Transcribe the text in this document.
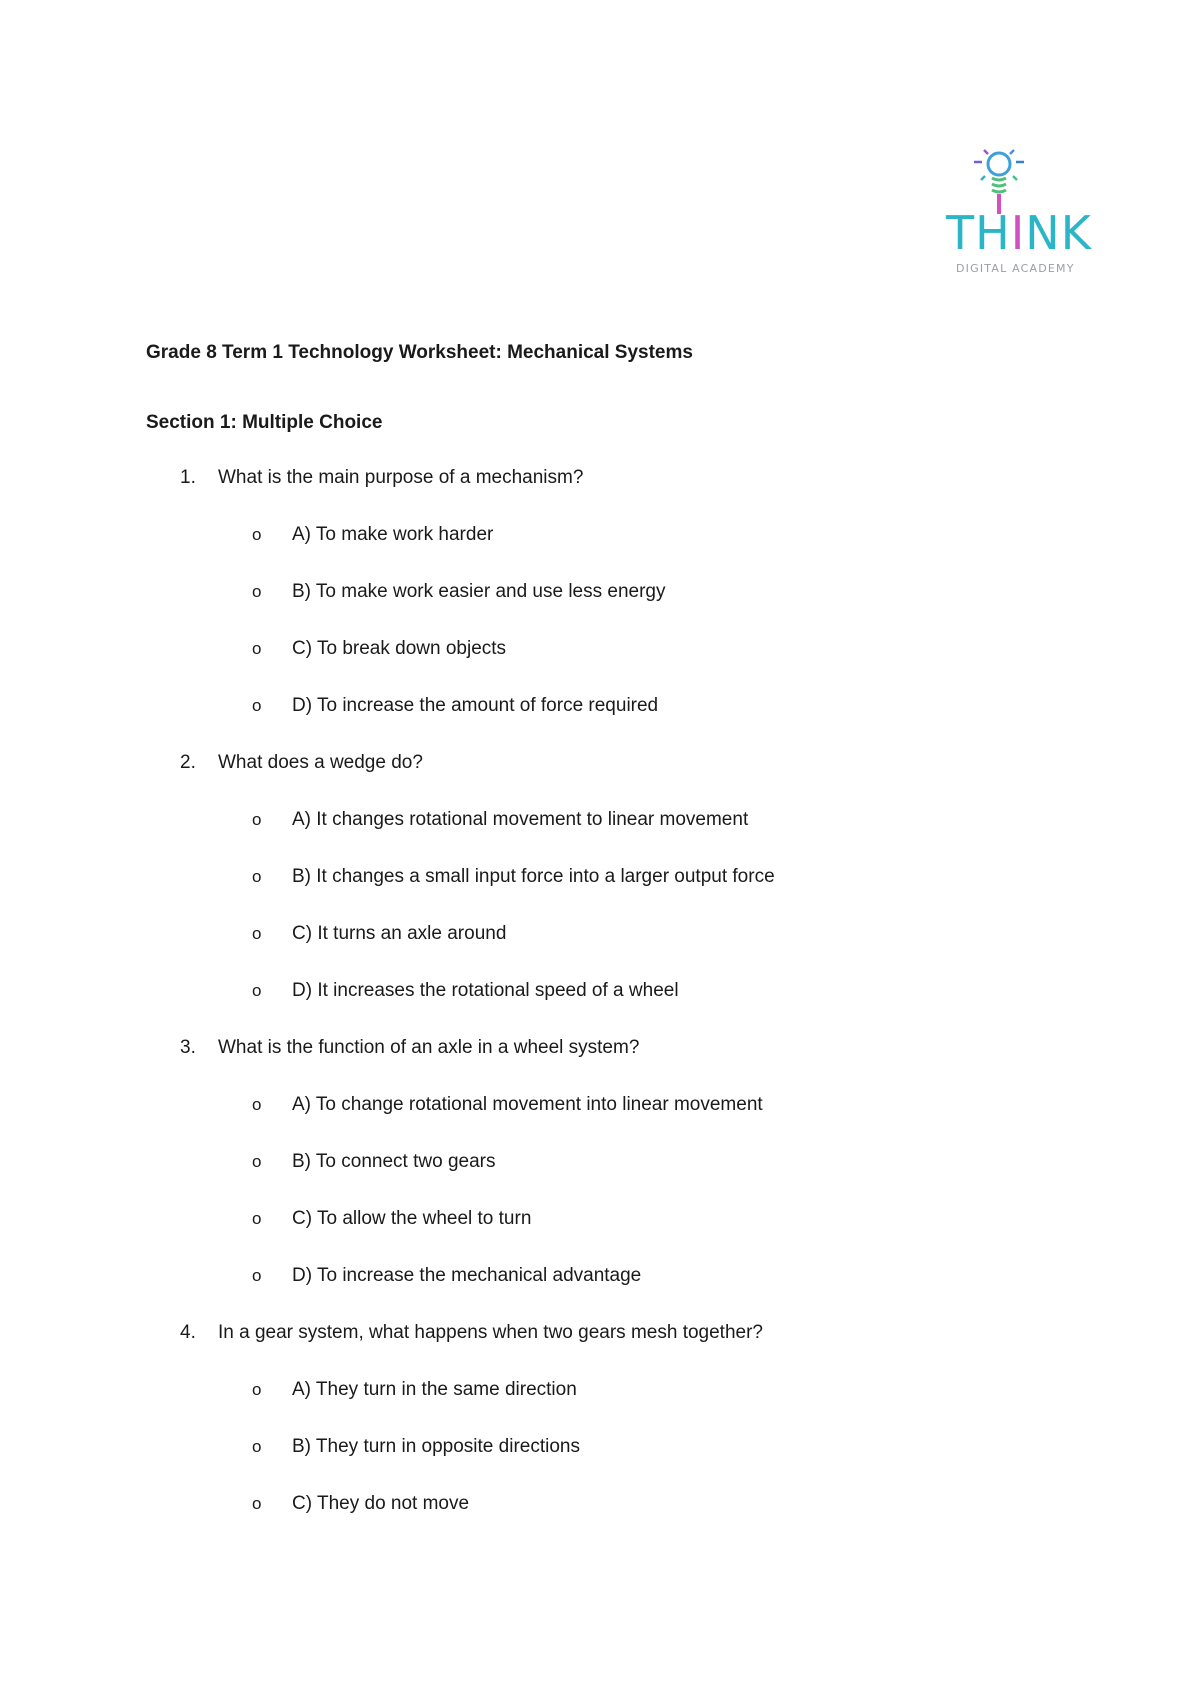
THINK
DIGITAL ACADEMY
Grade 8 Term 1 Technology Worksheet: Mechanical Systems
Section 1: Multiple Choice
1. What is the main purpose of a mechanism?
o A) To make work harder
o B) To make work easier and use less energy
o C) To break down objects
o D) To increase the amount of force required
2. What does a wedge do?
o A) It changes rotational movement to linear movement
o B) It changes a small input force into a larger output force
o C) It turns an axle around
o D) It increases the rotational speed of a wheel
3. What is the function of an axle in a wheel system?
o A) To change rotational movement into linear movement
o B) To connect two gears
o C) To allow the wheel to turn
o D) To increase the mechanical advantage
4. In a gear system, what happens when two gears mesh together?
o A) They turn in the same direction
o B) They turn in opposite directions
o C) They do not move
